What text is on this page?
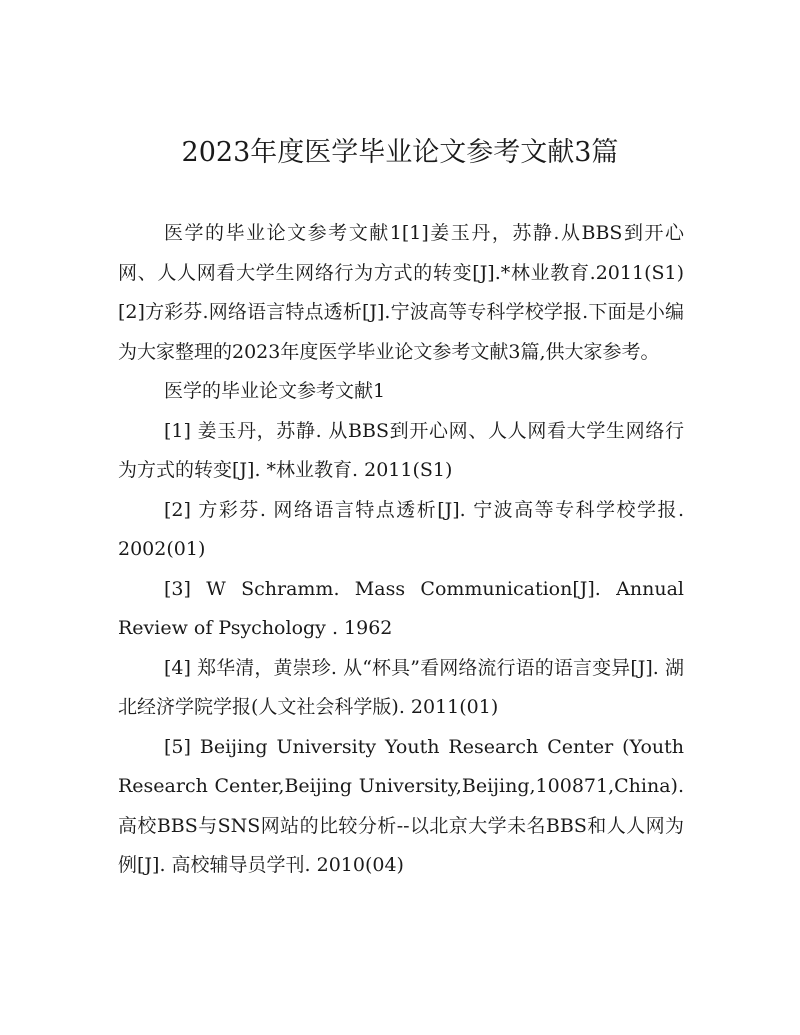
2023年度医学毕业论文参考文献3篇

医学的毕业论文参考文献1[1]姜玉丹，苏静.从BBS到开心网、人人网看大学生网络行为方式的转变[J].*林业教育.2011(S1)[2]方彩芬.网络语言特点透析[J].宁波高等专科学校学报.下面是小编为大家整理的2023年度医学毕业论文参考文献3篇,供大家参考。

医学的毕业论文参考文献1

[1] 姜玉丹，苏静. 从BBS到开心网、人人网看大学生网络行为方式的转变[J]. *林业教育. 2011(S1)

[2] 方彩芬. 网络语言特点透析[J]. 宁波高等专科学校学报. 2002(01)

[3] W Schramm. Mass Communication[J]. Annual Review of Psychology . 1962

[4] 郑华清，黄崇珍. 从“杯具”看网络流行语的语言变异[J]. 湖北经济学院学报(人文社会科学版). 2011(01)

[5] Beijing University Youth Research Center (Youth Research Center,Beijing University,Beijing,100871,China). 高校BBS与SNS网站的比较分析--以北京大学未名BBS和人人网为例[J]. 高校辅导员学刊. 2010(04)
